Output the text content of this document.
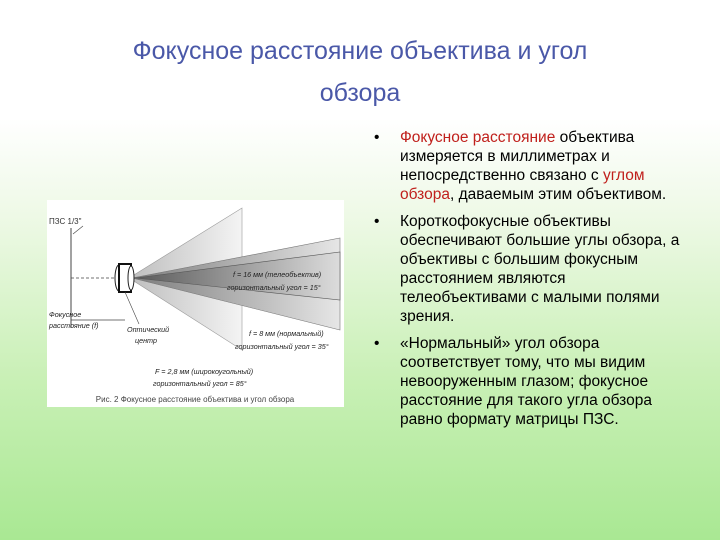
Фокусное расстояние объектива и угол
обзора
ПЗС 1/3"
f = 16 мм (телеобъектив)
горизонтальный угол = 15°
f = 8 мм (нормальный)
горизонтальный угол = 35°
F = 2,8 мм (широкоугольный)
горизонтальный угол = 85°
Фокусное
расстояние (f)	Оптический
центр
Рис. 2 Фокусное расстояние объектива и угол обзора
• Фокусное расстояние объектива измеряется в миллиметрах и непосредственно связано с углом обзора, даваемым этим объективом.
• Короткофокусные объективы обеспечивают большие углы обзора, а объективы с большим фокусным расстоянием являются телеобъективами с малыми полями зрения.
• «Нормальный» угол обзора соответствует тому, что мы видим невооруженным глазом; фокусное расстояние для такого угла обзора равно формату матрицы ПЗС.
